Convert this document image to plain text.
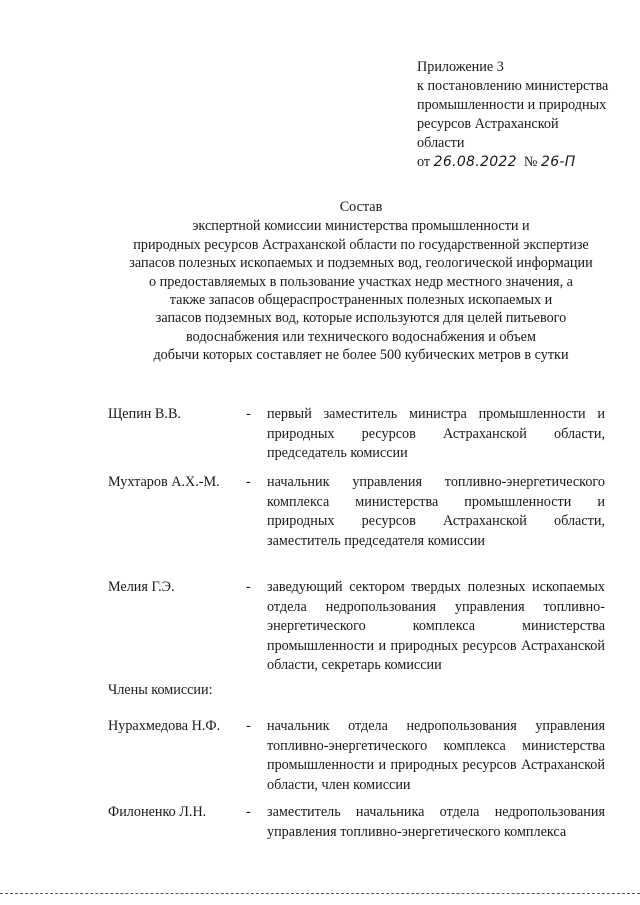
Приложение 3
к постановлению министерства
промышленности и природных
ресурсов Астраханской
области
от 26.08.2022 № 26-П
Состав
экспертной комиссии министерства промышленности и
природных ресурсов Астраханской области по государственной экспертизе
запасов полезных ископаемых и подземных вод, геологической информации
о предоставляемых в пользование участках недр местного значения, а
также запасов общераспространенных полезных ископаемых и
запасов подземных вод, которые используются для целей питьевого
водоснабжения или технического водоснабжения и объем
добычи которых составляет не более 500 кубических метров в сутки
Щепин В.В.	- первый заместитель министра промышленности и природных ресурсов Астраханской области, председатель комиссии
Мухтаров А.Х.-М. - начальник управления топливно-энергетического комплекса министерства промышленности и природных ресурсов Астраханской области, заместитель председателя комиссии
Мелия Г.Э.	- заведующий сектором твердых полезных ископаемых отдела недропользования управления топливно-энергетического комплекса министерства промышленности и природных ресурсов Астраханской области, секретарь комиссии
Члены комиссии:
Нурахмедова Н.Ф. - начальник отдела недропользования управления топливно-энергетического комплекса министерства промышленности и природных ресурсов Астраханской области, член комиссии
Филоненко Л.Н.	- заместитель начальника отдела недропользования управления топливно-энергетического комплекса
